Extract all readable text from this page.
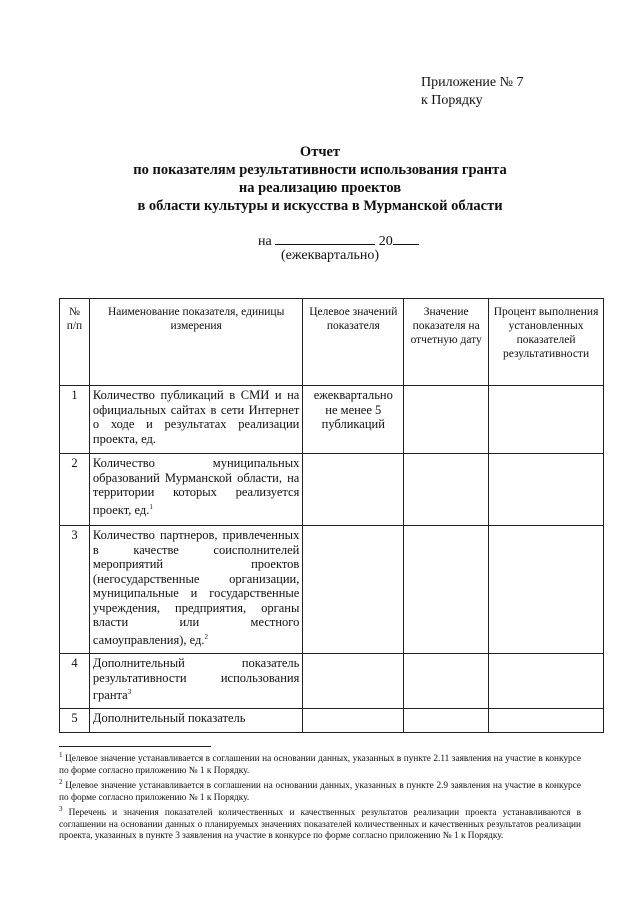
Приложение № 7
к Порядку
Отчет
по показателям результативности использования гранта
на реализацию проектов
в области культуры и искусства в Мурманской области
на	20
(ежеквартально)
№ п/п	Наименование показателя, единицы измерения	Целевое значений показателя	Значение показателя на отчетную дату	Процент выполнения установленных показателей результативности
1	Количество публикаций в СМИ и на официальных сайтах в сети Интернет о ходе и результатах реализации проекта, ед.	ежеквартально не менее 5 публикаций		
2	Количество муниципальных образований Мурманской области, на территории которых реализуется проект, ед.$^1$			
3	Количество партнеров, привлеченных в качестве соисполнителей мероприятий проектов (негосударственные организации, муниципальные и государственные учреждения, предприятия, органы власти или местного самоуправления), ед.$^2$			
4	Дополнительный показатель результативности использования гранта$^3$			
5	Дополнительный показатель			

$^1$ Целевое значение устанавливается в соглашении на основании данных, указанных в пункте 2.11 заявления на участие в конкурсе по форме согласно приложению № 1 к Порядку.

$^2$ Целевое значение устанавливается в соглашении на основании данных, указанных в пункте 2.9 заявления на участие в конкурсе по форме согласно приложению № 1 к Порядку.

$^3$ Перечень и значения показателей количественных и качественных результатов реализации проекта устанавливаются в соглашении на основании данных о планируемых значениях показателей количественных и качественных результатов реализации проекта, указанных в пункте 3 заявления на участие в конкурсе по форме согласно приложению № 1 к Порядку.
